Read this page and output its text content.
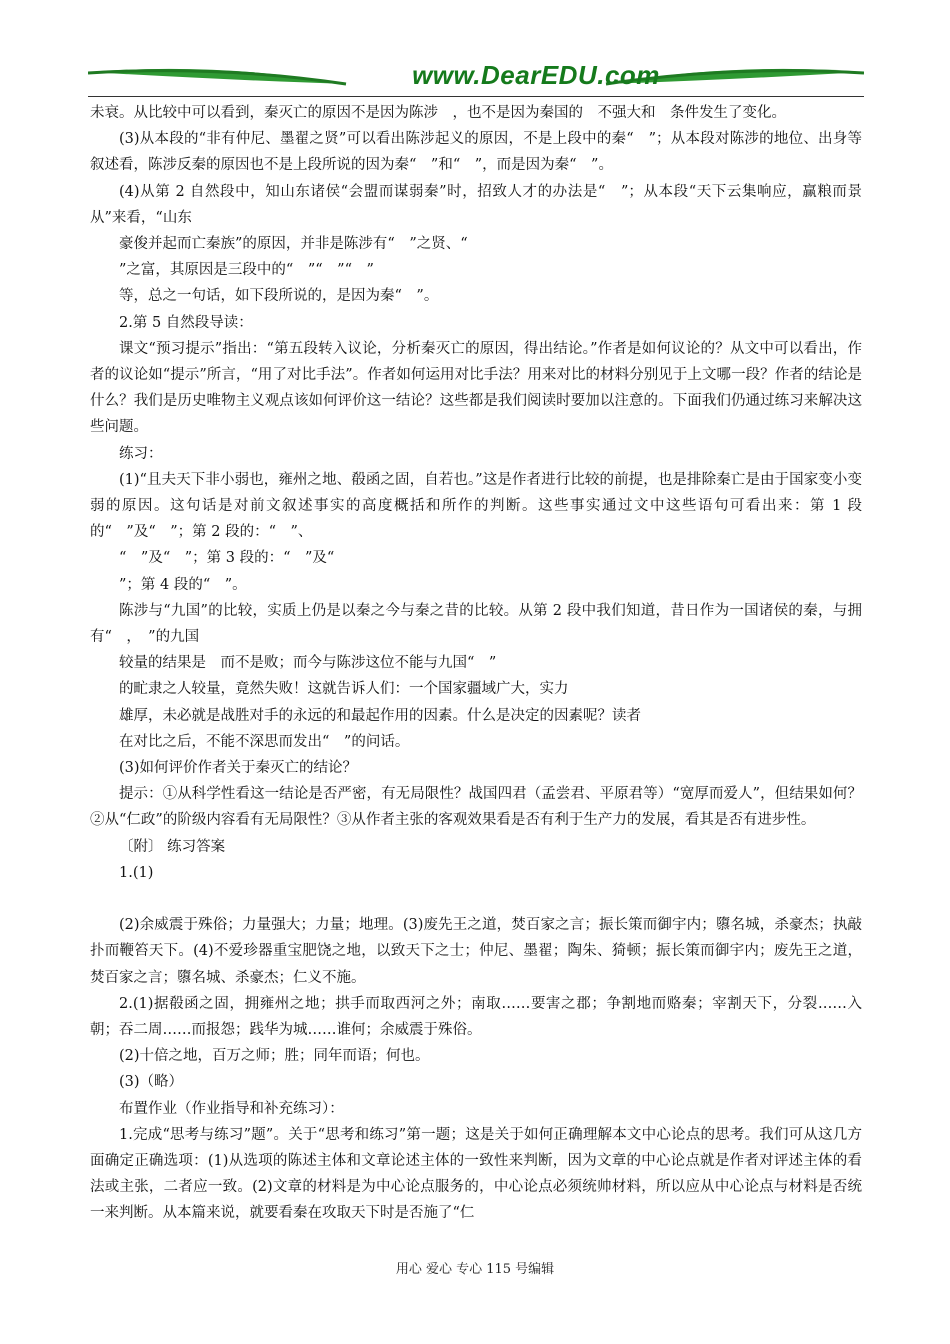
www.DearEDU.com

未衰。从比较中可以看到，秦灭亡的原因不是因为陈涉　，也不是因为秦国的　不强大和　条件发生了变化。

(3)从本段的“非有仲尼、墨翟之贤”可以看出陈涉起义的原因，不是上段中的秦“　”；从本段对陈涉的地位、出身等叙述看，陈涉反秦的原因也不是上段所说的因为秦“　”和“　”，而是因为秦“　”。

(4)从第 2 自然段中，知山东诸侯“会盟而谋弱秦”时，招致人才的办法是“　”；从本段“天下云集响应，赢粮而景从”来看，“山东

豪俊并起而亡秦族”的原因，并非是陈涉有“　”之贤、“

”之富，其原因是三段中的“　”“　”“　”

等，总之一句话，如下段所说的，是因为秦“　”。

2.第 5 自然段导读：

课文“预习提示”指出：“第五段转入议论，分析秦灭亡的原因，得出结论。”作者是如何议论的？从文中可以看出，作者的议论如“提示”所言，“用了对比手法”。作者如何运用对比手法？用来对比的材料分别见于上文哪一段？作者的结论是什么？我们是历史唯物主义观点该如何评价这一结论？这些都是我们阅读时要加以注意的。下面我们仍通过练习来解决这些问题。

练习：

(1)“且夫天下非小弱也，雍州之地、殽函之固，自若也。”这是作者进行比较的前提，也是排除秦亡是由于国家变小变弱的原因。这句话是对前文叙述事实的高度概括和所作的判断。这些事实通过文中这些语句可看出来：第 1 段的“　”及“　”；第 2 段的：“　”、

“　”及“　”；第 3 段的：“　”及“

”；第 4 段的“　”。

陈涉与“九国”的比较，实质上仍是以秦之今与秦之昔的比较。从第 2 段中我们知道，昔日作为一国诸侯的秦，与拥有“　，　”的九国

较量的结果是　而不是败；而今与陈涉这位不能与九国“　”

的甿隶之人较量，竟然失败！这就告诉人们：一个国家疆域广大，实力

雄厚，未必就是战胜对手的永远的和最起作用的因素。什么是决定的因素呢？读者

在对比之后，不能不深思而发出“　”的问话。

(3)如何评价作者关于秦灭亡的结论？

提示：①从科学性看这一结论是否严密，有无局限性？战国四君（孟尝君、平原君等）“宽厚而爱人”，但结果如何？②从“仁政”的阶级内容看有无局限性？③从作者主张的客观效果看是否有利于生产力的发展，看其是否有进步性。

〔附〕 练习答案

1.(1)

(2)余威震于殊俗；力量强大；力量；地理。(3)废先王之道，焚百家之言；振长策而御宇内；隳名城，杀豪杰；执敲扑而鞭笞天下。(4)不爱珍器重宝肥饶之地，以致天下之士；仲尼、墨翟；陶朱、猗顿；振长策而御宇内；废先王之道，焚百家之言；隳名城、杀豪杰；仁义不施。

2.(1)据殽函之固，拥雍州之地；拱手而取西河之外；南取……要害之郡；争割地而赂秦；宰割天下，分裂……入朝；吞二周……而报怨；践华为城……谁何；余威震于殊俗。

(2)十倍之地，百万之师；胜；同年而语；何也。

(3)（略）

布置作业（作业指导和补充练习）：

1.完成“思考与练习”题”。关于“思考和练习”第一题；这是关于如何正确理解本文中心论点的思考。我们可从这几方面确定正确选项：(1)从选项的陈述主体和文章论述主体的一致性来判断，因为文章的中心论点就是作者对评述主体的看法或主张，二者应一致。(2)文章的材料是为中心论点服务的，中心论点必须统帅材料，所以应从中心论点与材料是否统一来判断。从本篇来说，就要看秦在攻取天下时是否施了“仁

用心 爱心 专心 115 号编辑
